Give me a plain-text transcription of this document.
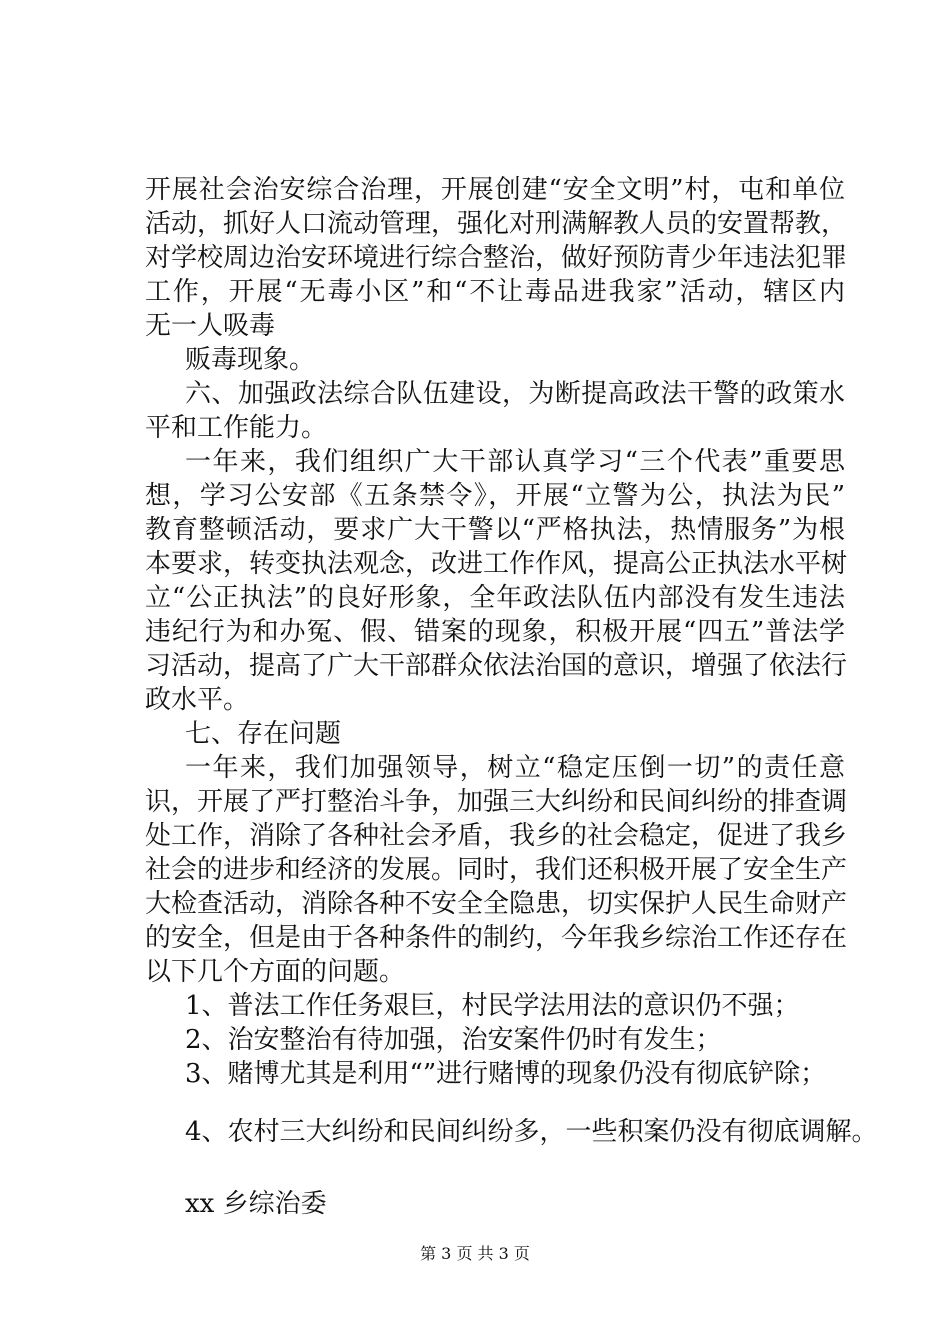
开展社会治安综合治理，开展创建“安全文明”村，屯和单位
活动，抓好人口流动管理，强化对刑满解教人员的安置帮教，
对学校周边治安环境进行综合整治，做好预防青少年违法犯罪
工作，开展“无毒小区”和“不让毒品进我家”活动，辖区内
无一人吸毒
贩毒现象。
六、加强政法综合队伍建设，为断提高政法干警的政策水
平和工作能力。
一年来，我们组织广大干部认真学习“三个代表”重要思
想，学习公安部《五条禁令》，开展“立警为公，执法为民”
教育整顿活动，要求广大干警以“严格执法，热情服务”为根
本要求，转变执法观念，改进工作作风，提高公正执法水平树
立“公正执法”的良好形象，全年政法队伍内部没有发生违法
违纪行为和办冤、假、错案的现象，积极开展“四五”普法学
习活动，提高了广大干部群众依法治国的意识，增强了依法行
政水平。
七、存在问题
一年来，我们加强领导，树立“稳定压倒一切”的责任意
识，开展了严打整治斗争，加强三大纠纷和民间纠纷的排查调
处工作，消除了各种社会矛盾，我乡的社会稳定，促进了我乡
社会的进步和经济的发展。同时，我们还积极开展了安全生产
大检查活动，消除各种不安全全隐患，切实保护人民生命财产
的安全，但是由于各种条件的制约，今年我乡综治工作还存在
以下几个方面的问题。
1、普法工作任务艰巨，村民学法用法的意识仍不强；
2、治安整治有待加强，治安案件仍时有发生；
3、赌博尤其是利用“”进行赌博的现象仍没有彻底铲除；
4、农村三大纠纷和民间纠纷多，一些积案仍没有彻底调解。
xx 乡综治委
第 3 页 共 3 页
